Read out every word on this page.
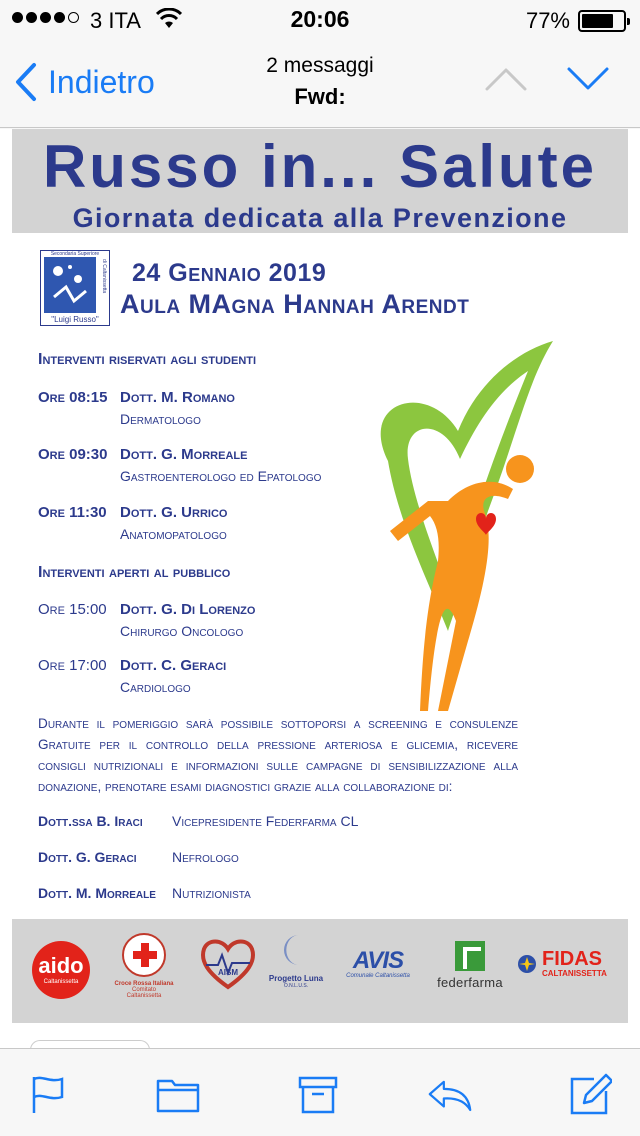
3 ITA	20:06	77%
Indietro	2 messaggi
Fwd:
Russo in... Salute
Giornata dedicata alla Prevenzione
Secondaria Superiore
di Caltanissetta
"Luigi Russo"
24 Gennaio 2019
Aula MAgna Hannah Arendt
Interventi riservati agli studenti
Ore 08:15 Dott. M. Romano
Dermatologo
Ore 09:30 Dott. G. Morreale
Gastroenterologo ed Epatologo
Ore 11:30 Dott. G. Urrico
Anatomopatologo
Interventi aperti al pubblico
Ore 15:00 Dott. G. Di Lorenzo
Chirurgo Oncologo
Ore 17:00 Dott. C. Geraci
Cardiologo
Durante il pomeriggio sarà possibile sottoporsi a screening e consulenze Gratuite per il controllo della pressione arteriosa e glicemia, ricevere consigli nutrizionali e informazioni sulle campagne di sensibilizzazione alla donazione, prenotare esami diagnostici grazie alla collaborazione di:
Dott.ssa B. Iraci Vicepresidente Federfarma CL
Dott. G. Geraci	Nefrologo
Dott. M. Morreale Nutrizionista
aido
Caltanissetta	Croce Rossa Italiana
Comitato Caltanissetta
AISM
Progetto Luna
O.N.L.U.S.
AVIS
Comunale Caltanissetta	federfarma
FIDAS
CALTANISSETTA
